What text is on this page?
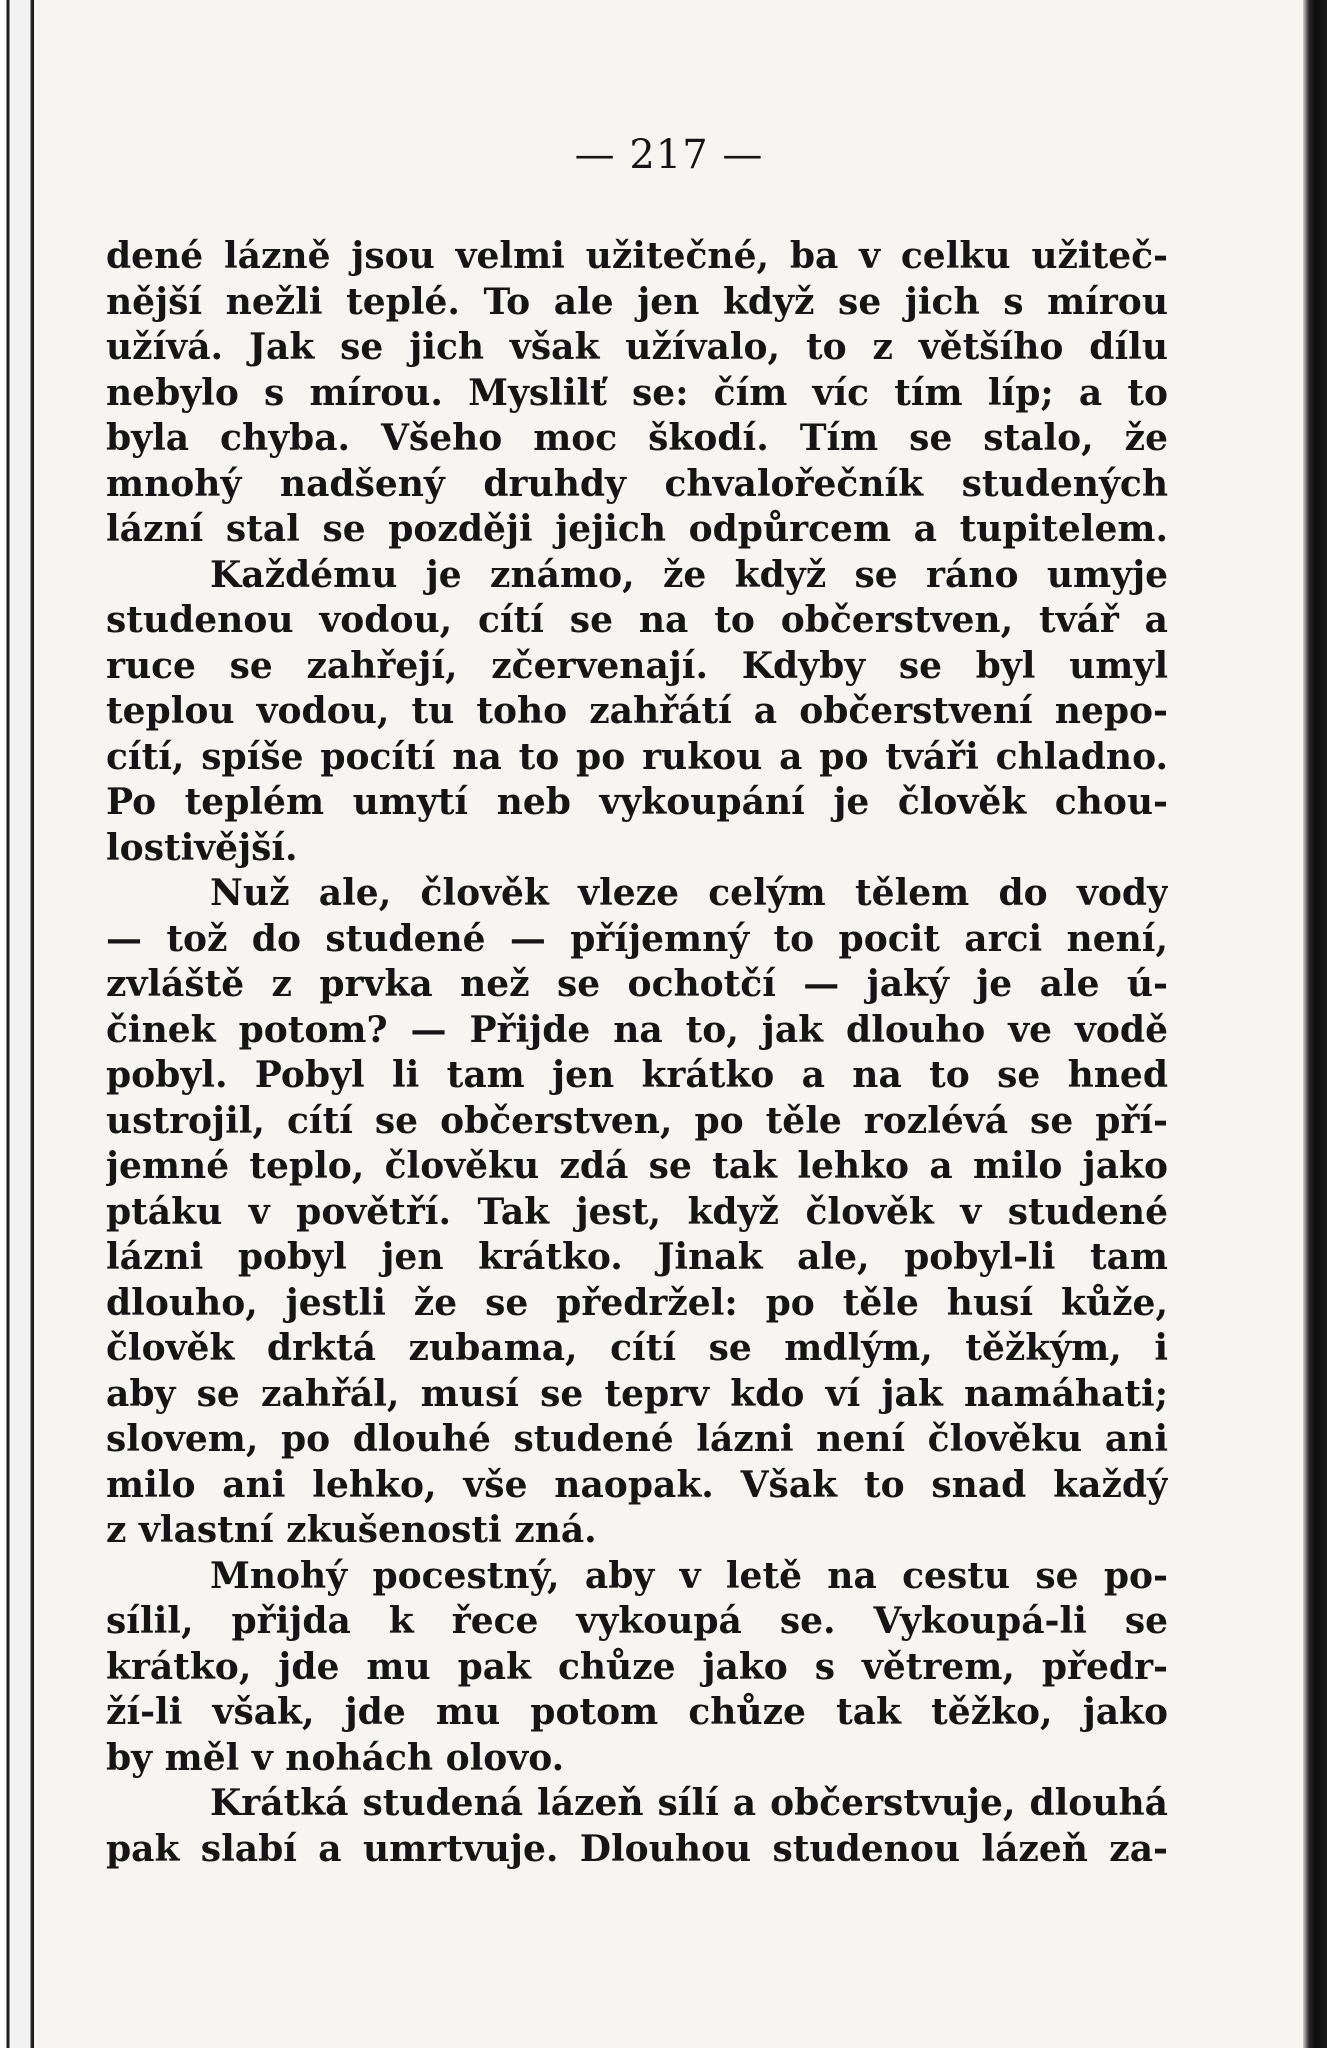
— 217 —
dené lázně jsou velmi užitečné, ba v celku užiteč-
nější nežli teplé. To ale jen když se jich s mírou
užívá. Jak se jich však užívalo, to z většího dílu
nebylo s mírou. Myslilť se: čím víc tím líp; a to
byla chyba. Všeho moc škodí. Tím se stalo, že
mnohý nadšený druhdy chvalořečník studených
lázní stal se později jejich odpůrcem a tupitelem.
Každému je známo, že když se ráno umyje
studenou vodou, cítí se na to občerstven, tvář a
ruce se zahřejí, zčervenají. Kdyby se byl umyl
teplou vodou, tu toho zahřátí a občerstvení nepo-
cítí, spíše pocítí na to po rukou a po tváři chladno.
Po teplém umytí neb vykoupání je člověk chou-
lostivější.
Nuž ale, člověk vleze celým tělem do vody
— tož do studené — příjemný to pocit arci není,
zvláště z prvka než se ochotčí — jaký je ale ú-
činek potom? — Přijde na to, jak dlouho ve vodě
pobyl. Pobyl li tam jen krátko a na to se hned
ustrojil, cítí se občerstven, po těle rozlévá se pří-
jemné teplo, člověku zdá se tak lehko a milo jako
ptáku v povětří. Tak jest, když člověk v studené
lázni pobyl jen krátko. Jinak ale, pobyl-li tam
dlouho, jestli že se předržel: po těle husí kůže,
člověk drktá zubama, cítí se mdlým, těžkým, i
aby se zahřál, musí se teprv kdo ví jak namáhati;
slovem, po dlouhé studené lázni není člověku ani
milo ani lehko, vše naopak. Však to snad každý
z vlastní zkušenosti zná.
Mnohý pocestný, aby v letě na cestu se po-
sílil, přijda k řece vykoupá se. Vykoupá-li se
krátko, jde mu pak chůze jako s větrem, předr-
ží-li však, jde mu potom chůze tak těžko, jako
by měl v nohách olovo.
Krátká studená lázeň sílí a občerstvuje, dlouhá
pak slabí a umrtvuje. Dlouhou studenou lázeň za-
